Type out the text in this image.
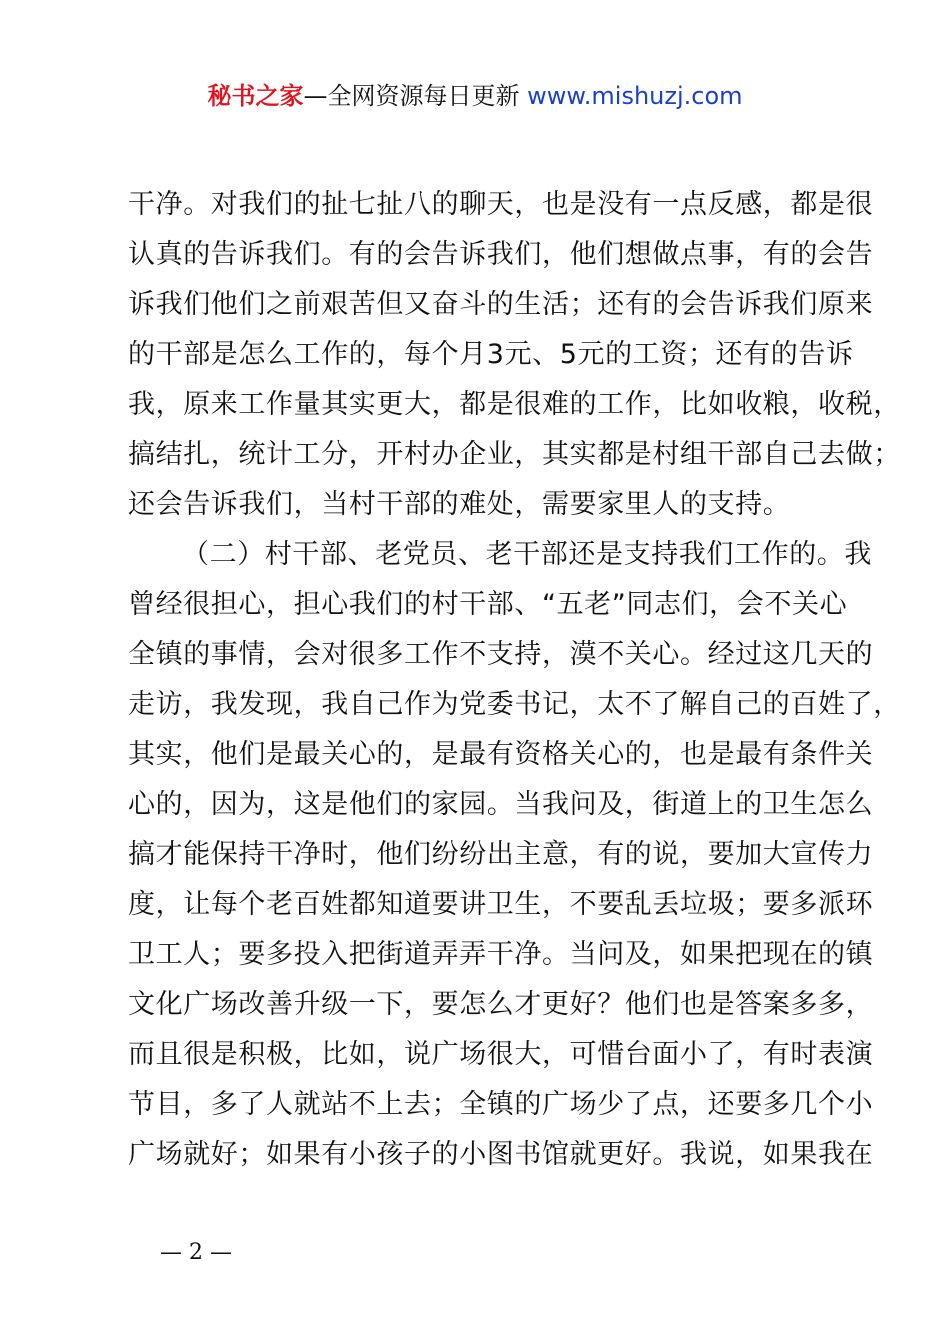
秘书之家—全网资源每日更新 www.mishuzj.com
干净。对我们的扯七扯八的聊天，也是没有一点反感，都是很
认真的告诉我们。有的会告诉我们，他们想做点事，有的会告
诉我们他们之前艰苦但又奋斗的生活；还有的会告诉我们原来
的干部是怎么工作的，每个月3元、5元的工资；还有的告诉
我，原来工作量其实更大，都是很难的工作，比如收粮，收税，
搞结扎，统计工分，开村办企业，其实都是村组干部自己去做；
还会告诉我们，当村干部的难处，需要家里人的支持。
（二）村干部、老党员、老干部还是支持我们工作的。我
曾经很担心，担心我们的村干部、“五老”同志们，会不关心
全镇的事情，会对很多工作不支持，漠不关心。经过这几天的
走访，我发现，我自己作为党委书记，太不了解自己的百姓了，
其实，他们是最关心的，是最有资格关心的，也是最有条件关
心的，因为，这是他们的家园。当我问及，街道上的卫生怎么
搞才能保持干净时，他们纷纷出主意，有的说，要加大宣传力
度，让每个老百姓都知道要讲卫生，不要乱丢垃圾；要多派环
卫工人；要多投入把街道弄弄干净。当问及，如果把现在的镇
文化广场改善升级一下，要怎么才更好？他们也是答案多多，
而且很是积极，比如，说广场很大，可惜台面小了，有时表演
节目，多了人就站不上去；全镇的广场少了点，还要多几个小
广场就好；如果有小孩子的小图书馆就更好。我说，如果我在
— 2 —
